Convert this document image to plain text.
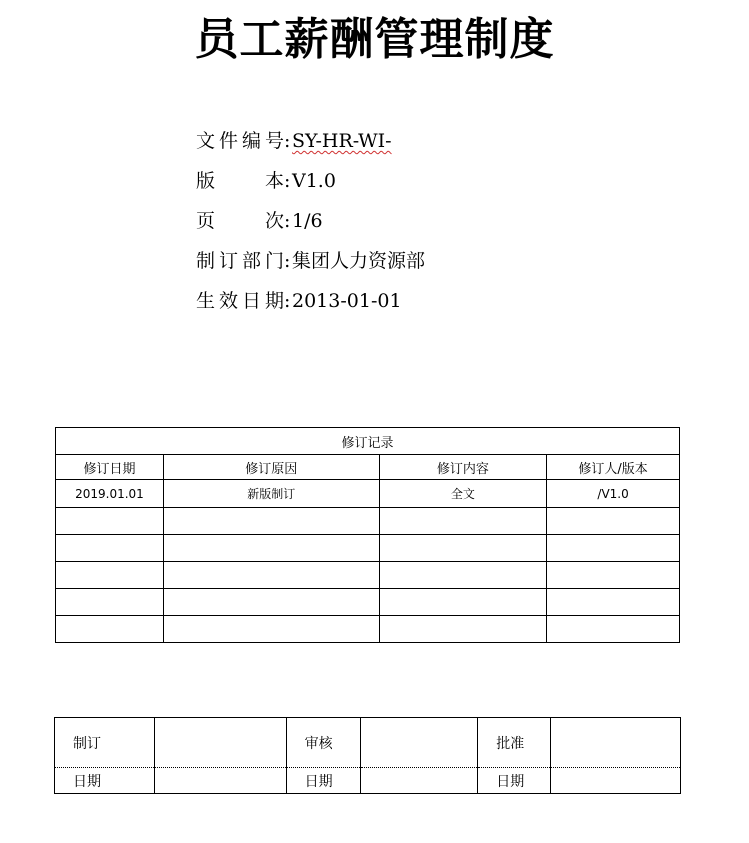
员工薪酬管理制度
文 件 编 号 : SY-HR-WI-
版	本 : V1.0
页	次 : 1/6
制 订 部 门 : 集团人力资源部
生 效 日 期 : 2013-01-01
修订记录			
修订日期	修订原因	修订内容	修订人/版本
2019.01.01	新版制订	全文	/V1.0

制订		审核		批准	
日期		日期		日期	
